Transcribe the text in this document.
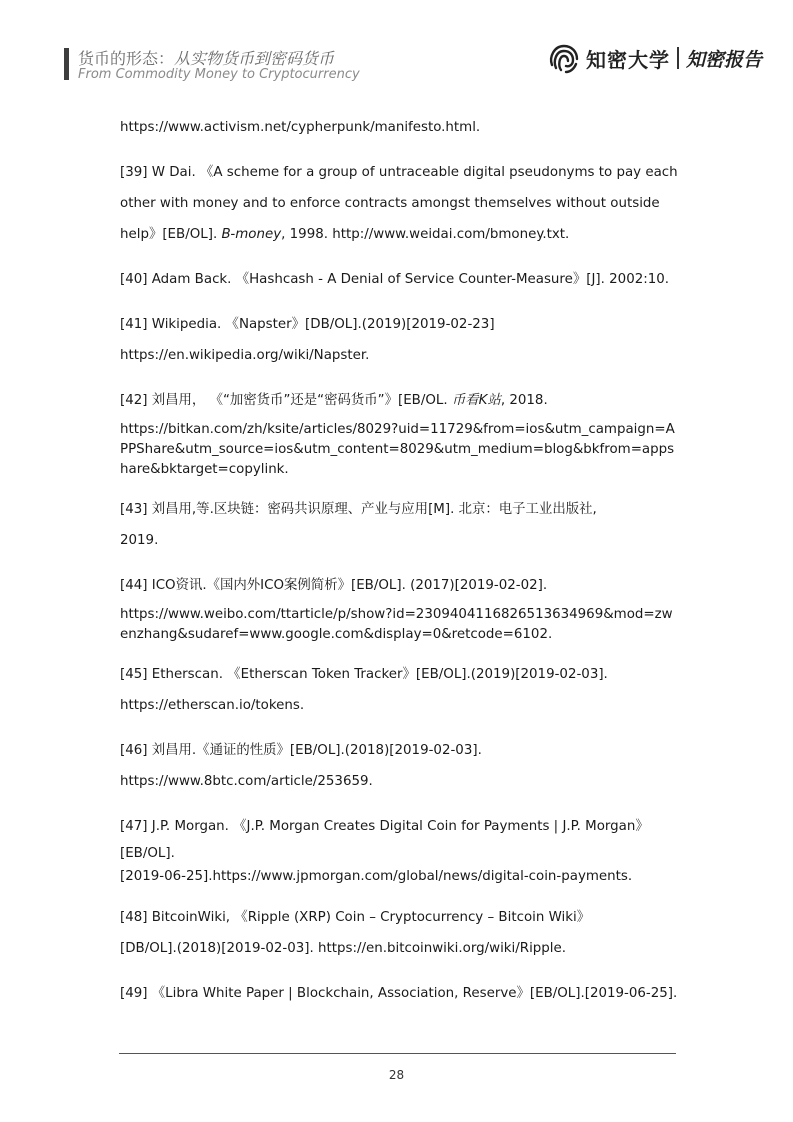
货币的形态：从实物货币到密码货币
From Commodity Money to Cryptocurrency
知密大学 知密报告
https://www.activism.net/cypherpunk/manifesto.html.
[39] W Dai. 《A scheme for a group of untraceable digital pseudonyms to pay each
other with money and to enforce contracts amongst themselves without outside
help》[EB/OL]. B-money, 1998. http://www.weidai.com/bmoney.txt.
[40] Adam Back. 《Hashcash - A Denial of Service Counter-Measure》[J]. 2002:10.
[41] Wikipedia. 《Napster》[DB/OL].(2019)[2019-02-23]
https://en.wikipedia.org/wiki/Napster.
[42] 刘昌用， 《“加密货币”还是“密码货币”》[EB/OL. 币看K站, 2018.
https://bitkan.com/zh/ksite/articles/8029?uid=11729&from=ios&utm_campaign=APPShare&utm_source=ios&utm_content=8029&utm_medium=blog&bkfrom=appshare&bktarget=copylink.
[43] 刘昌用,等.区块链：密码共识原理、产业与应用[M]. 北京：电子工业出版社,
2019.
[44] ICO资讯.《国内外ICO案例简析》[EB/OL]. (2017)[2019-02-02].
https://www.weibo.com/ttarticle/p/show?id=2309404116826513634969&mod=zwenzhang&sudaref=www.google.com&display=0&retcode=6102.
[45] Etherscan. 《Etherscan Token Tracker》[EB/OL].(2019)[2019-02-03].
https://etherscan.io/tokens.
[46] 刘昌用.《通证的性质》[EB/OL].(2018)[2019-02-03].
https://www.8btc.com/article/253659.
[47] J.P. Morgan. 《J.P. Morgan Creates Digital Coin for Payments | J.P. Morgan》
[EB/OL].
[2019-06-25].https://www.jpmorgan.com/global/news/digital-coin-payments.
[48] BitcoinWiki, 《Ripple (XRP) Coin – Cryptocurrency – Bitcoin Wiki》
[DB/OL].(2018)[2019-02-03]. https://en.bitcoinwiki.org/wiki/Ripple.
[49] 《Libra White Paper | Blockchain, Association, Reserve》[EB/OL].[2019-06-25].
28
